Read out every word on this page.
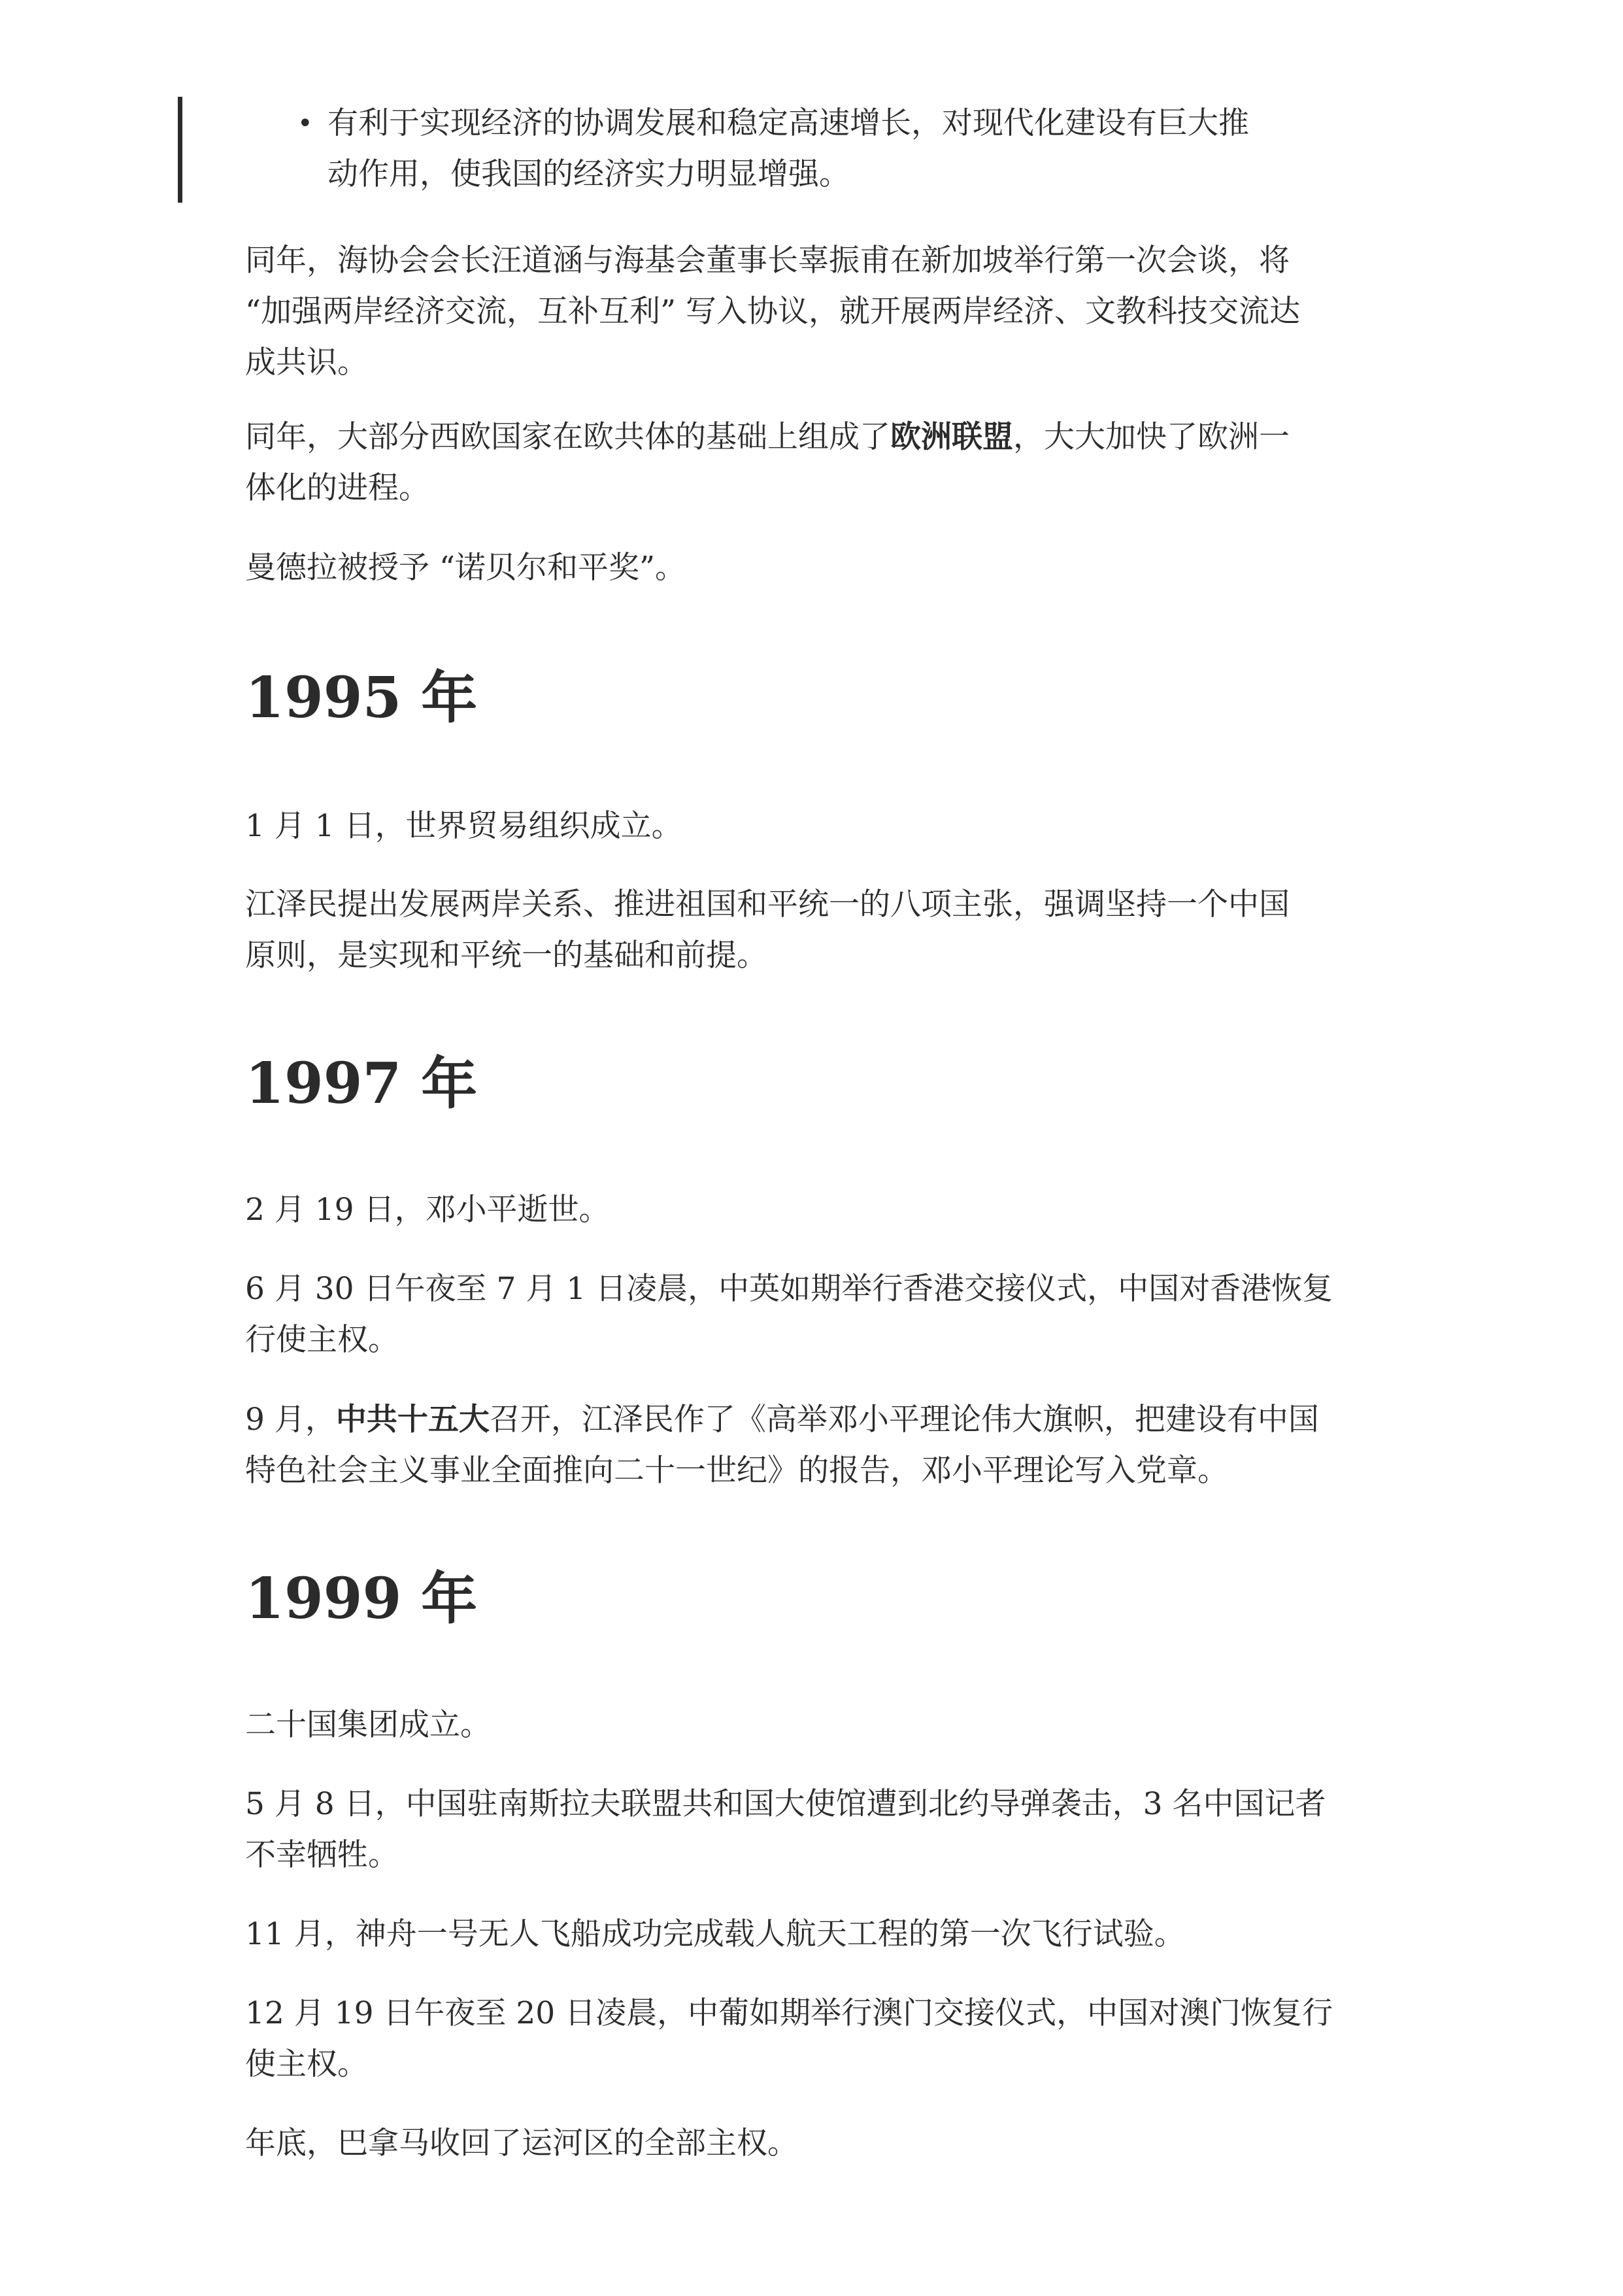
• 有利于实现经济的协调发展和稳定高速增长，对现代化建设有巨大推
动作用，使我国的经济实力明显增强。
同年，海协会会长汪道涵与海基会董事长辜振甫在新加坡举行第一次会谈，将
“加强两岸经济交流，互补互利” 写入协议，就开展两岸经济、文教科技交流达
成共识。
同年，大部分西欧国家在欧共体的基础上组成了欧洲联盟，大大加快了欧洲一
体化的进程。
曼德拉被授予 “诺贝尔和平奖”。
1995 年
1 月 1 日，世界贸易组织成立。
江泽民提出发展两岸关系、推进祖国和平统一的八项主张，强调坚持一个中国
原则，是实现和平统一的基础和前提。
1997 年
2 月 19 日，邓小平逝世。
6 月 30 日午夜至 7 月 1 日凌晨，中英如期举行香港交接仪式，中国对香港恢复
行使主权。
9 月，中共十五大召开，江泽民作了《高举邓小平理论伟大旗帜，把建设有中国
特色社会主义事业全面推向二十一世纪》的报告，邓小平理论写入党章。
1999 年
二十国集团成立。
5 月 8 日，中国驻南斯拉夫联盟共和国大使馆遭到北约导弹袭击，3 名中国记者
不幸牺牲。
11 月，神舟一号无人飞船成功完成载人航天工程的第一次飞行试验。
12 月 19 日午夜至 20 日凌晨，中葡如期举行澳门交接仪式，中国对澳门恢复行
使主权。
年底，巴拿马收回了运河区的全部主权。
